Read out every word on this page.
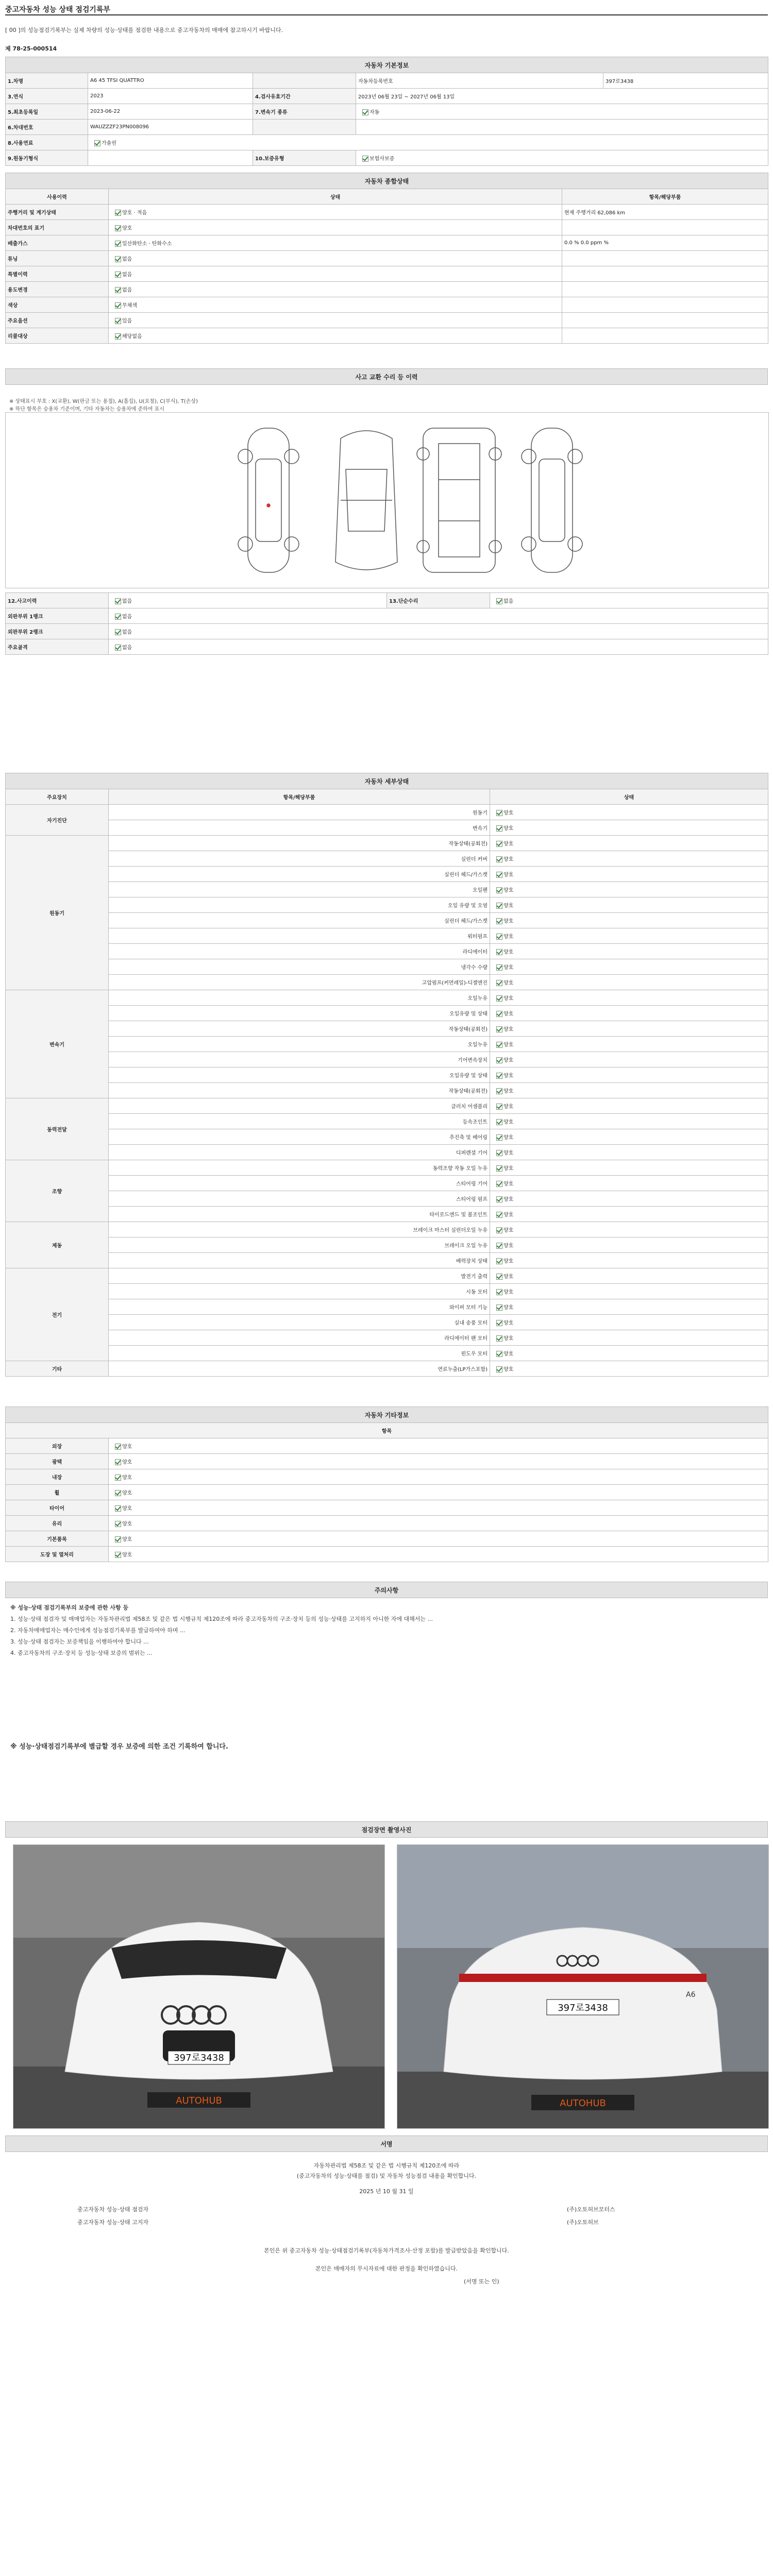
중고자동차 성능 상태 점검기록부
[ 00 ]의 성능점검기록부는 실제 차량의 성능·상태를 점검한 내용으로 중고자동차의 매매에 참고하시기 바랍니다.
제 78-25-000514
자동차 기본정보				
1.차명	A6 45 TFSI QUATTRO		자동차등록번호	397로3438
3.연식	2023	4.검사유효기간	2023년 06월 23일 ~ 2027년 06월 13일	
5.최초등록일	2023-06-22	7.변속기 종류	자동	
6.차대번호	WAUZZZF23PN008096			
8.사용연료	가솔린			
9.원동기형식		10.보증유형	보험사보증	
자동차 종합상태		
사용이력	상태	항목/해당부품
주행거리 및 계기상태	양호 · 적음	현재 주행거리 62,086 km
차대번호의 표기	양호	
배출가스	일산화탄소 · 탄화수소	0.0 % 0.0 ppm %
튜닝	없음	
특별이력	없음	
용도변경	없음	
색상	무채색	
주요옵션	있음	
리콜대상	해당없음	
사고 교환 수리 등 이력
※ 상태표시 부호 : X(교환), W(판금 또는 용접), A(흠집), U(요철), C(부식), T(손상)
※ 하단 항목은 승용차 기준이며, 기타 자동차는 승용차에 준하여 표시
12.사고이력	없음	13.단순수리	없음
외판부위 1랭크	없음		
외판부위 2랭크	없음		
주요골격	없음		
자동차 세부상태		
주요장치	항목/해당부품	상태
자기진단	원동기	양호
	변속기	양호
원동기	작동상태(공회전)	양호
	실린더 커버	양호
	실린더 헤드/가스켓	양호
	오일팬	양호
	오일 유량 및 오염	양호
	실린더 헤드/가스켓	양호
	워터펌프	양호
	라디에이터	양호
	냉각수 수량	양호
	고압펌프(커먼레일)-디젤엔진	양호
변속기	오일누유	양호
	오일유량 및 상태	양호
	작동상태(공회전)	양호
	오일누유	양호
	기어변속장치	양호
	오일유량 및 상태	양호
	작동상태(공회전)	양호
동력전달	클러치 어셈블리	양호
	등속조인트	양호
	추진축 및 베어링	양호
	디퍼렌셜 기어	양호
조향	동력조향 작동 오일 누유	양호
	스티어링 기어	양호
	스티어링 펌프	양호
	타이로드엔드 및 볼조인트	양호
제동	브레이크 마스터 실린더오일 누유	양호
	브레이크 오일 누유	양호
	배력장치 상태	양호
전기	발전기 출력	양호
	시동 모터	양호
	와이퍼 모터 기능	양호
	실내 송풍 모터	양호
	라디에이터 팬 모터	양호
	윈도우 모터	양호
기타	연료누출(LP가스포함)	양호
자동차 기타정보	
항목	
외장	양호
광택	양호
내장	양호
휠	양호
타이어	양호
유리	양호
기본품목	양호
도장 및 열처리	양호
주의사항
※ 성능·상태 점검기록부의 보증에 관한 사항 등
1. 성능·상태 점검자 및 매매업자는 자동차관리법 제58조 및 같은 법 시행규칙 제120조에 따라 중고자동차의 구조·장치 등의 성능·상태를 고지하지 아니한 자에 대해서는 ...
2. 자동차매매업자는 매수인에게 성능점검기록부를 발급하여야 하며 ...
3. 성능·상태 점검자는 보증책임을 이행하여야 합니다 ...
4. 중고자동차의 구조·장치 등 성능·상태 보증의 범위는 ...
※ 성능·상태점검기록부에 별급할 경우 보증에 의한 조건 기록하여 합니다.
점검장면 촬영사진
397로3438
AUTOHUB
A6
397로3438
AUTOHUB
서명
자동차관리법 제58조 및 같은 법 시행규칙 제120조에 따라
(중고자동차의 성능·상태를 점검) 및 자동차 성능점검 내용을 확인합니다.
2025 년 10 월 31 일
중고자동차 성능·상태 점검자	(주)오토허브모터스
중고자동차 성능·상태 고지자	(주)오토허브
본인은 위 중고자동차 성능·상태점검기록부(자동차가격조사·산정 포함)를 발급받았음을 확인합니다.
본인은 매매자의 무시자료에 대한 판정을 확인하였습니다.
(서명 또는 인)
